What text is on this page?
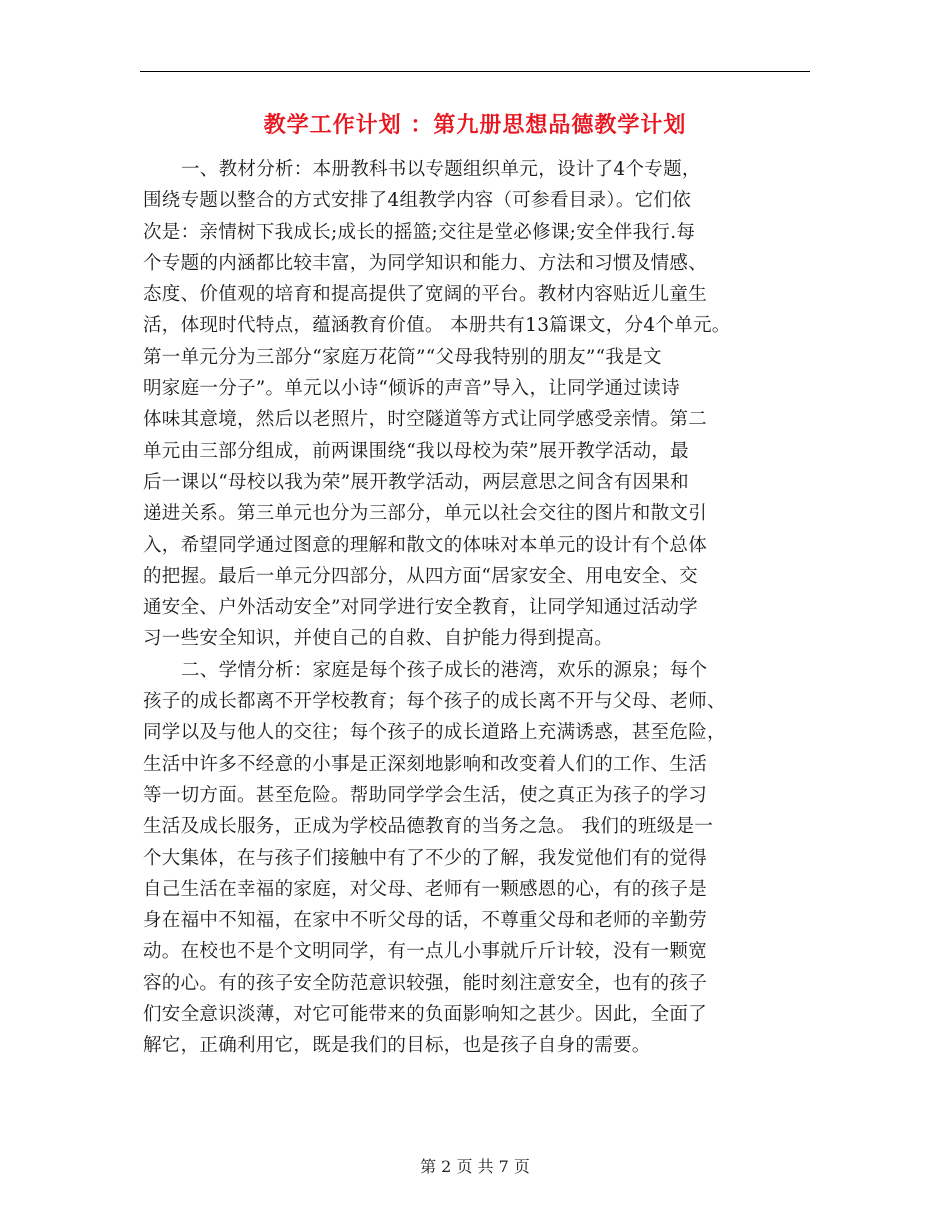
教学工作计划 ：第九册思想品德教学计划
一、教材分析：本册教科书以专题组织单元，设计了4个专题，
围绕专题以整合的方式安排了4组教学内容（可参看目录）。它们依
次是：亲情树下我成长;成长的摇篮;交往是堂必修课;安全伴我行.每
个专题的内涵都比较丰富，为同学知识和能力、方法和习惯及情感、
态度、价值观的培育和提高提供了宽阔的平台。教材内容贴近儿童生
活，体现时代特点，蕴涵教育价值。 本册共有13篇课文，分4个单元。
第一单元分为三部分“家庭万花筒”“父母我特别的朋友”“我是文
明家庭一分子”。单元以小诗“倾诉的声音”导入，让同学通过读诗
体味其意境，然后以老照片，时空隧道等方式让同学感受亲情。第二
单元由三部分组成，前两课围绕“我以母校为荣”展开教学活动，最
后一课以“母校以我为荣”展开教学活动，两层意思之间含有因果和
递进关系。第三单元也分为三部分，单元以社会交往的图片和散文引
入，希望同学通过图意的理解和散文的体味对本单元的设计有个总体
的把握。最后一单元分四部分，从四方面“居家安全、用电安全、交
通安全、户外活动安全”对同学进行安全教育，让同学知通过活动学
习一些安全知识，并使自己的自救、自护能力得到提高。
二、学情分析：家庭是每个孩子成长的港湾，欢乐的源泉；每个
孩子的成长都离不开学校教育；每个孩子的成长离不开与父母、老师、
同学以及与他人的交往；每个孩子的成长道路上充满诱惑，甚至危险，
生活中许多不经意的小事是正深刻地影响和改变着人们的工作、生活
等一切方面。甚至危险。帮助同学学会生活，使之真正为孩子的学习
生活及成长服务，正成为学校品德教育的当务之急。 我们的班级是一
个大集体，在与孩子们接触中有了不少的了解，我发觉他们有的觉得
自己生活在幸福的家庭，对父母、老师有一颗感恩的心，有的孩子是
身在福中不知福，在家中不听父母的话，不尊重父母和老师的辛勤劳
动。在校也不是个文明同学，有一点儿小事就斤斤计较，没有一颗宽
容的心。有的孩子安全防范意识较强，能时刻注意安全，也有的孩子
们安全意识淡薄，对它可能带来的负面影响知之甚少。因此，全面了
解它，正确利用它，既是我们的目标，也是孩子自身的需要。
第 2 页 共 7 页
